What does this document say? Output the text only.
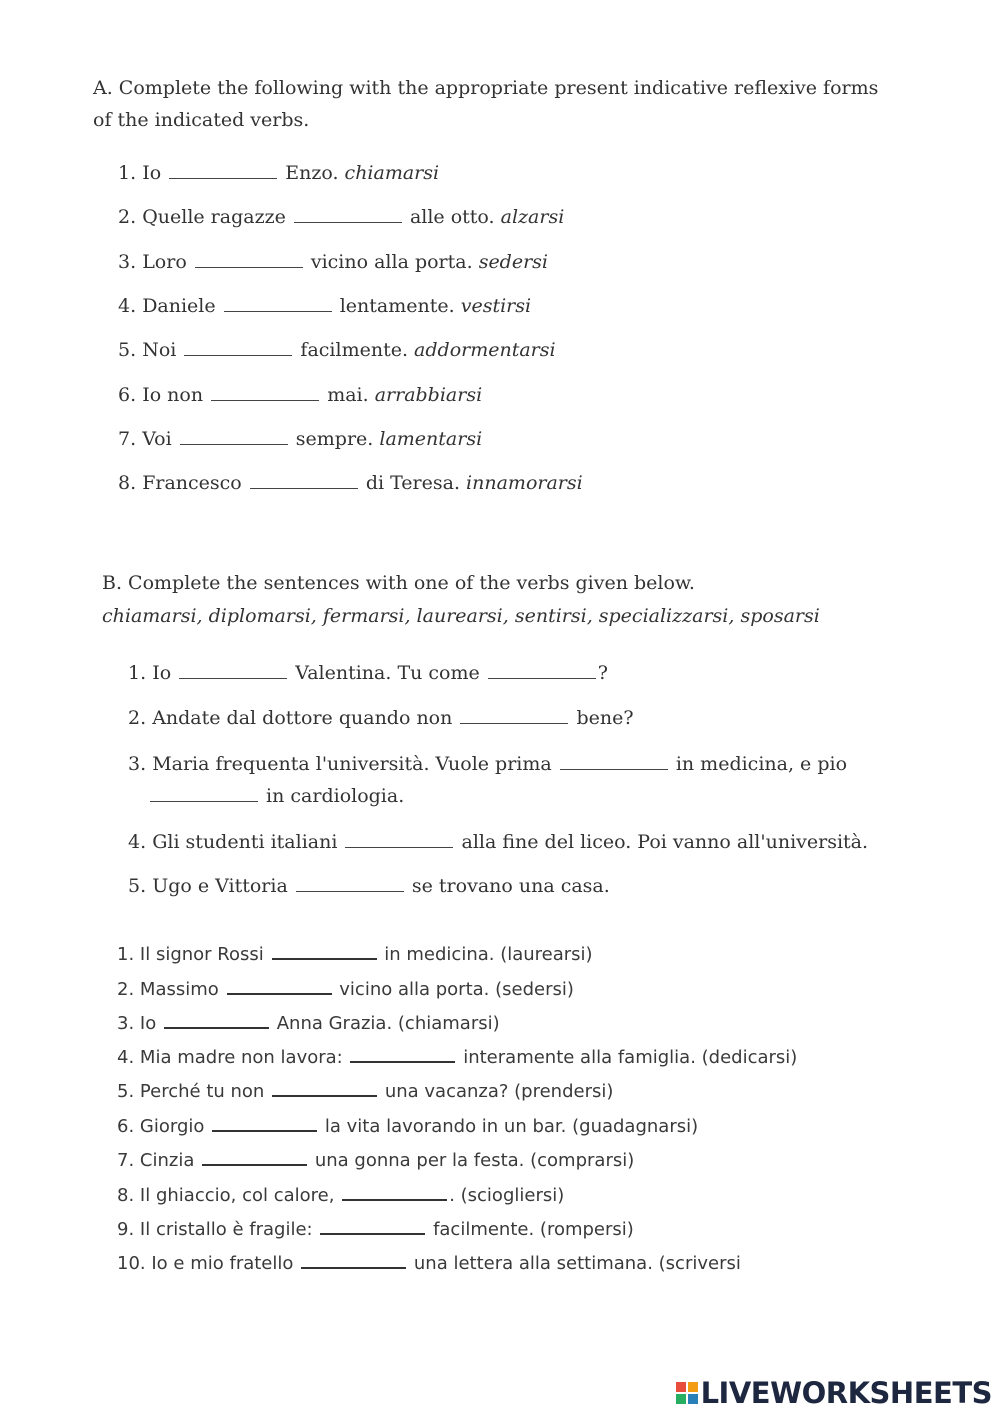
A. Complete the following with the appropriate present indicative reflexive forms of the indicated verbs.
1. Io	Enzo. chiamarsi
2. Quelle ragazze	alle otto. alzarsi
3. Loro	vicino alla porta. sedersi
4. Daniele	lentamente. vestirsi
5. Noi	facilmente. addormentarsi
6. Io non	mai. arrabbiarsi
7. Voi	sempre. lamentarsi
8. Francesco	di Teresa. innamorarsi
B. Complete the sentences with one of the verbs given below.
chiamarsi, diplomarsi, fermarsi, laurearsi, sentirsi, specializzarsi, sposarsi
1. Io	Valentina. Tu come	?
2. Andate dal dottore quando non	bene?
3. Maria frequenta l'università. Vuole prima	in medicina, e pio
in cardiologia.
4. Gli studenti italiani	alla fine del liceo. Poi vanno all'università.
5. Ugo e Vittoria	se trovano una casa.
1. Il signor Rossi	in medicina. (laurearsi)
2. Massimo	vicino alla porta. (sedersi)
3. Io	Anna Grazia. (chiamarsi)
4. Mia madre non lavora:	interamente alla famiglia. (dedicarsi)
5. Perché tu non	una vacanza? (prendersi)
6. Giorgio	la vita lavorando in un bar. (guadagnarsi)
7. Cinzia	una gonna per la festa. (comprarsi)
8. Il ghiaccio, col calore,	. (sciogliersi)
9. Il cristallo è fragile:	facilmente. (rompersi)
10. Io e mio fratello	una lettera alla settimana. (scriversi
LIVEWORKSHEETS
